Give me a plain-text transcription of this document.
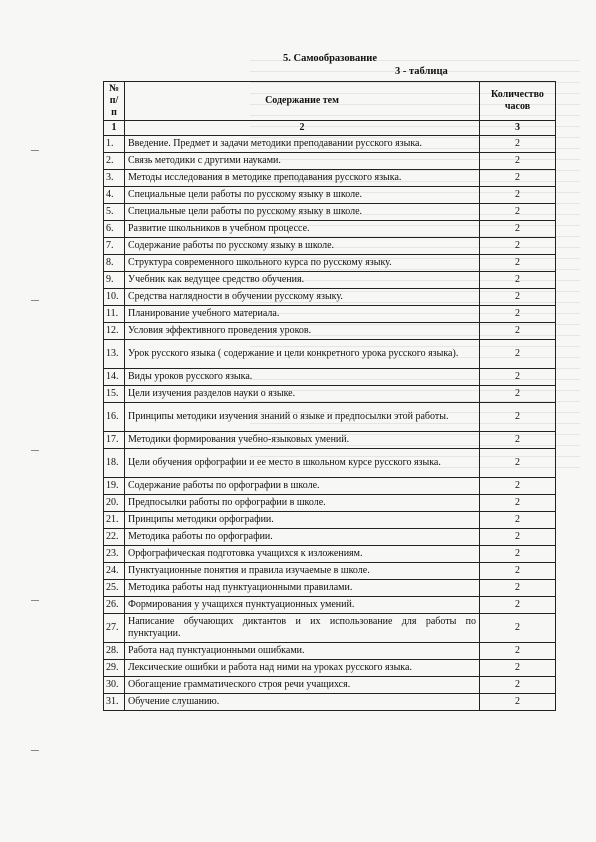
5. Самообразование
3 - таблица
№ п/п	Содержание тем	Количество часов
1	2	3
1.	Введение. Предмет и задачи методики преподавании русского языка.	2
2.	Связь методики с другими науками.	2
3.	Методы исследования в методике преподавания русского языка.	2
4.	Специальные цели работы по русскому языку в школе.	2
5.	Специальные цели работы по русскому языку в школе.	2
6.	Развитие школьников в учебном процессе.	2
7.	Содержание работы по русскому языку в школе.	2
8.	Структура современного школьного курса по русскому языку.	2
9.	Учебник как ведущее средство обучения.	2
10.	Средства наглядности в обучении русскому языку.	2
11.	Планирование учебного материала.	2
12.	Условия эффективного проведения уроков.	2
13.	Урок русского языка ( содержание и цели конкретного урока русского языка).	2
14.	Виды уроков русского языка.	2
15.	Цели изучения разделов науки о языке.	2
16.	Принципы методики изучения знаний о языке и предпосылки этой работы.	2
17.	Методики формирования учебно-языковых умений.	2
18.	Цели обучения орфографии и ее место в школьном курсе русского языка.	2
19.	Содержание работы по орфографии в школе.	2
20.	Предпосылки работы по орфографии в школе.	2
21.	Принципы методики орфографии.	2
22.	Методика работы по орфографии.	2
23.	Орфографическая подготовка учащихся к изложениям.	2
24.	Пунктуационные понятия и правила изучаемые в школе.	2
25.	Методика работы над пунктуационными правилами.	2
26.	Формирования у учащихся пунктуационных умений.	2
27.	Написание обучающих диктантов и их использование для работы по пунктуации.	2
28.	Работа над пунктуационными ошибками.	2
29.	Лексические ошибки и работа над ними на уроках русского языка.	2
30.	Обогащение грамматического строя речи учащихся.	2
31.	Обучение слушанию.	2
